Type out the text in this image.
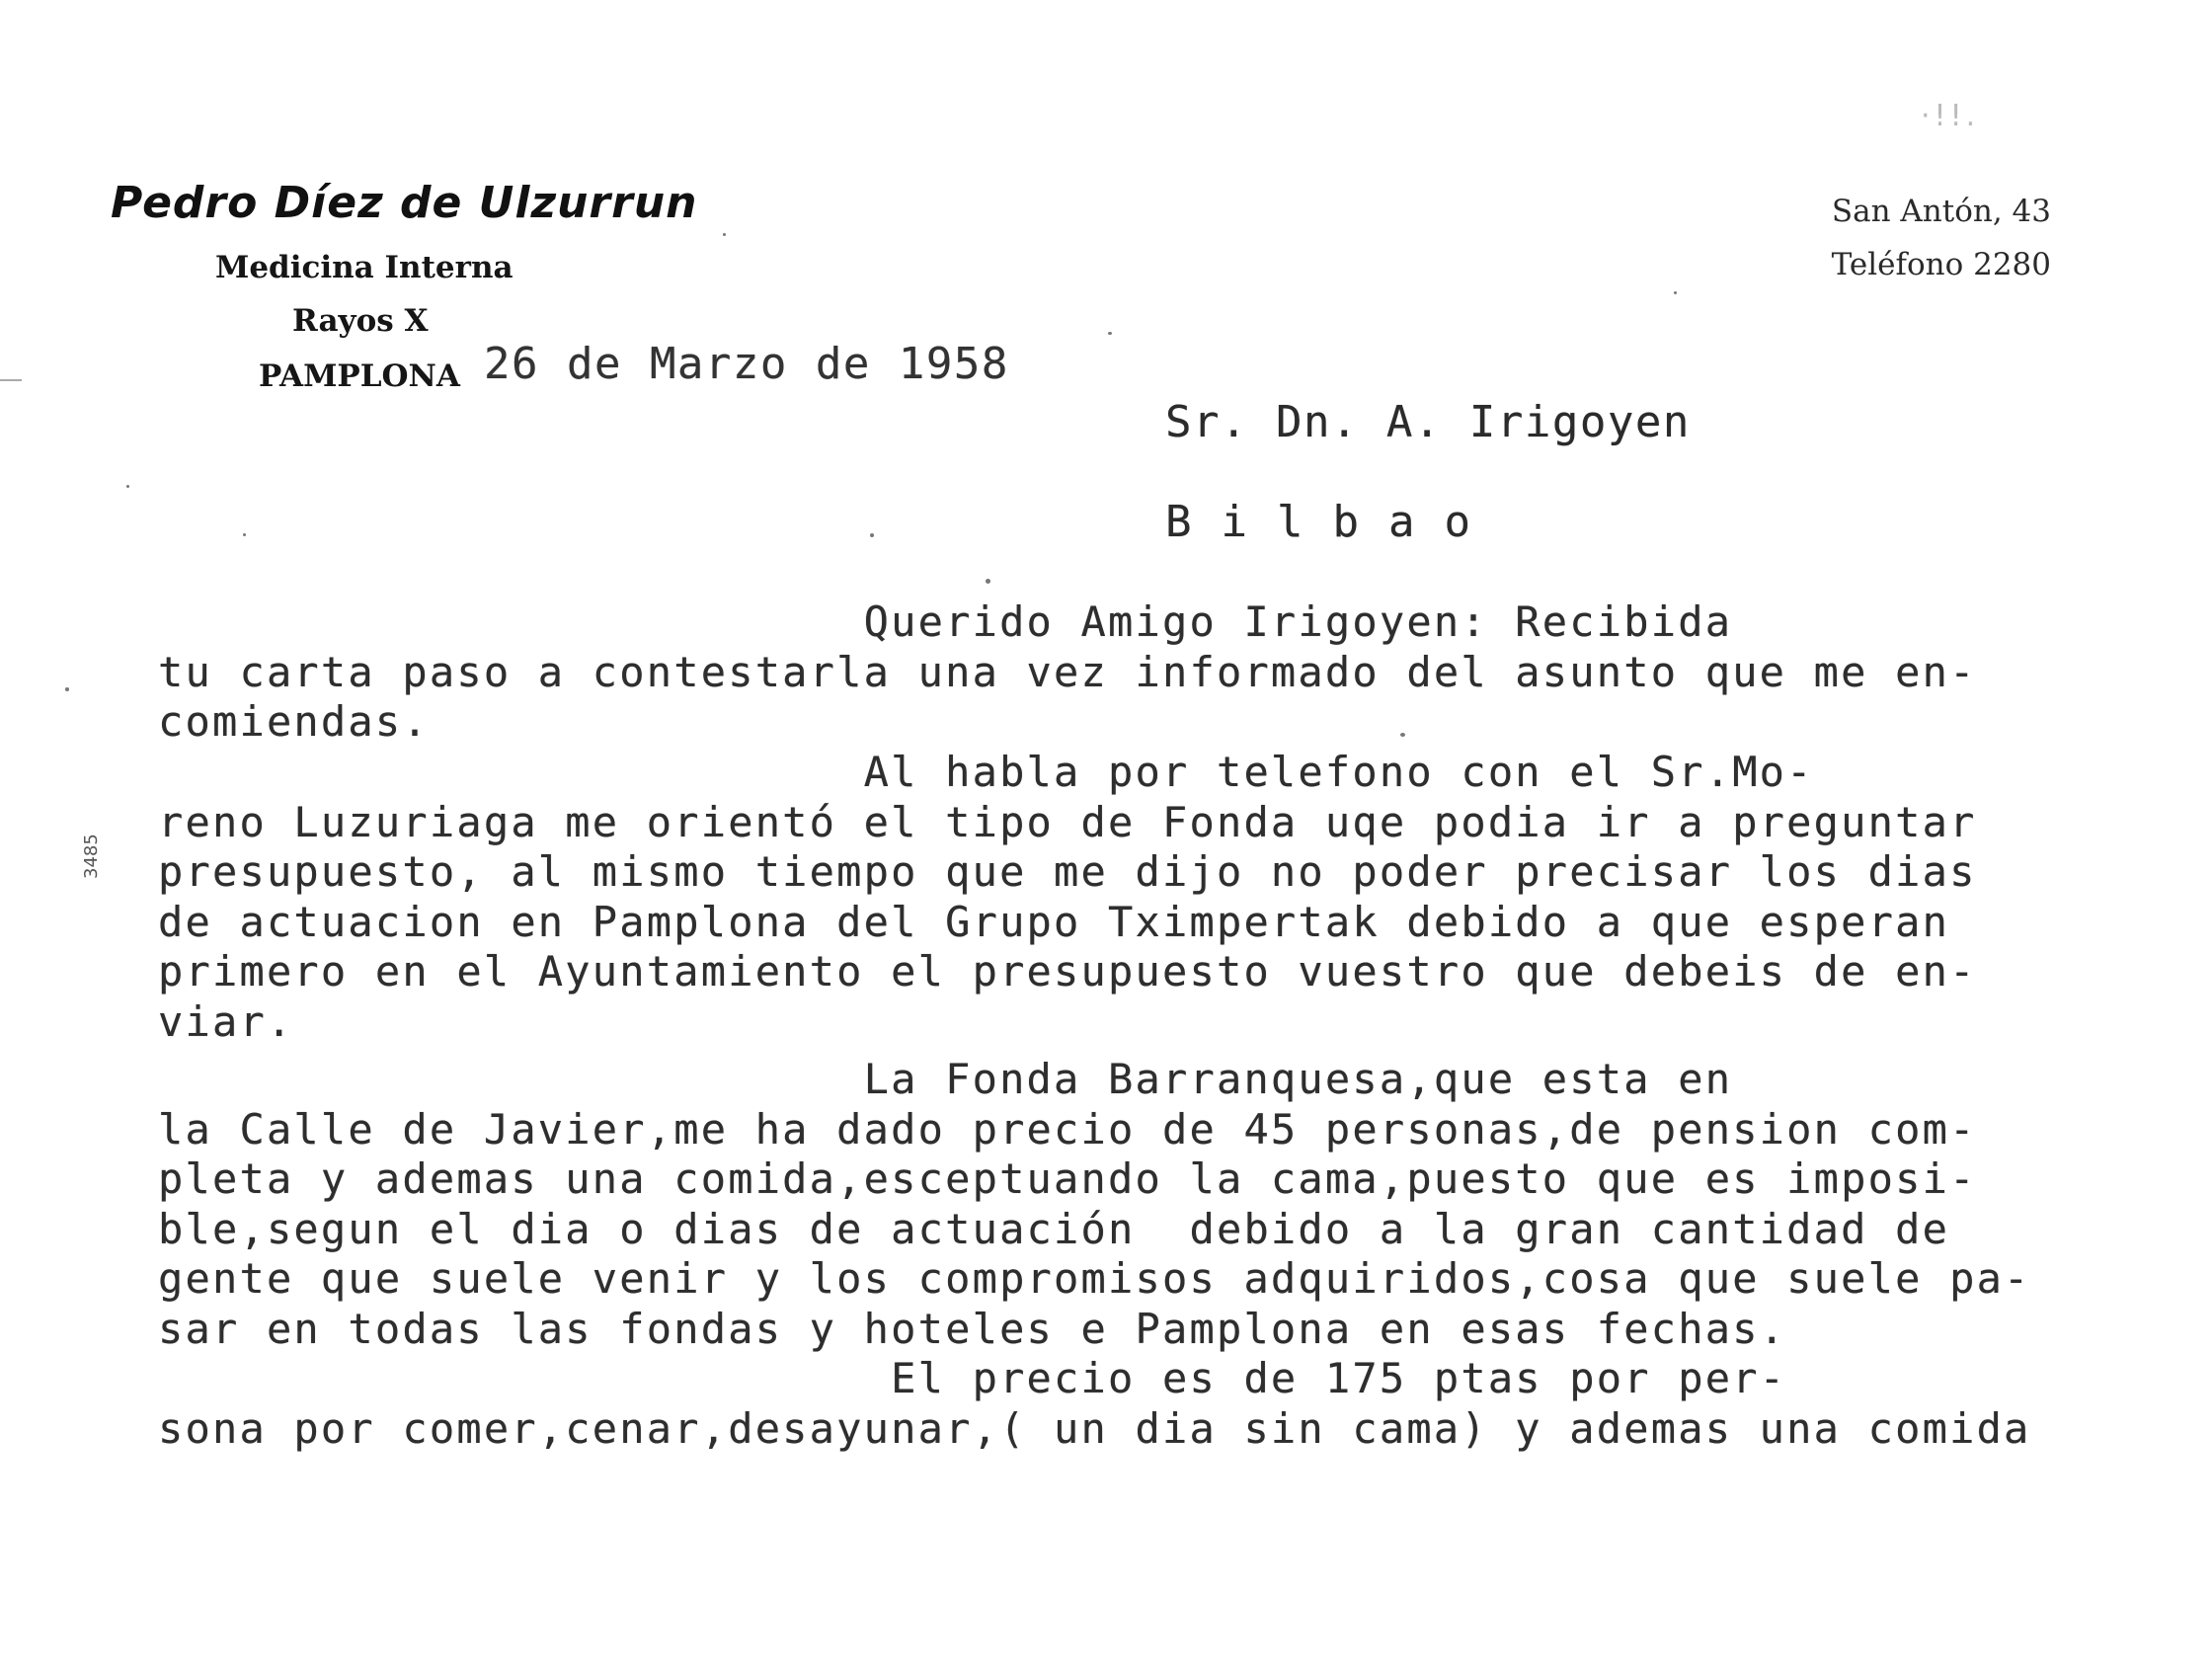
Pedro Díez de Ulzurrun
Medicina Interna
Rayos X
PAMPLONA
San Antón, 43
Teléfono 2280
·!!.
26 de Marzo de 1958
Sr. Dn. A. Irigoyen
Bilbao
Querido Amigo Irigoyen: Recibida
tu carta paso a contestarla una vez informado del asunto que me en-
comiendas.
Al habla por telefono con el Sr.Mo-
reno Luzuriaga me orientó el tipo de Fonda uqe podia ir a preguntar
presupuesto, al mismo tiempo que me dijo no poder precisar los dias
de actuacion en Pamplona del Grupo Tximpertak debido a que esperan
primero en el Ayuntamiento el presupuesto vuestro que debeis de en-
viar.
La Fonda Barranquesa,que esta en
la Calle de Javier,me ha dado precio de 45 personas,de pension com-
pleta y ademas una comida,esceptuando la cama,puesto que es imposi-
ble,segun el dia o dias de actuación  debido a la gran cantidad de
gente que suele venir y los compromisos adquiridos,cosa que suele pa-
sar en todas las fondas y hoteles e Pamplona en esas fechas.
El precio es de 175 ptas por per-
sona por comer,cenar,desayunar,( un dia sin cama) y ademas una comida
3485
